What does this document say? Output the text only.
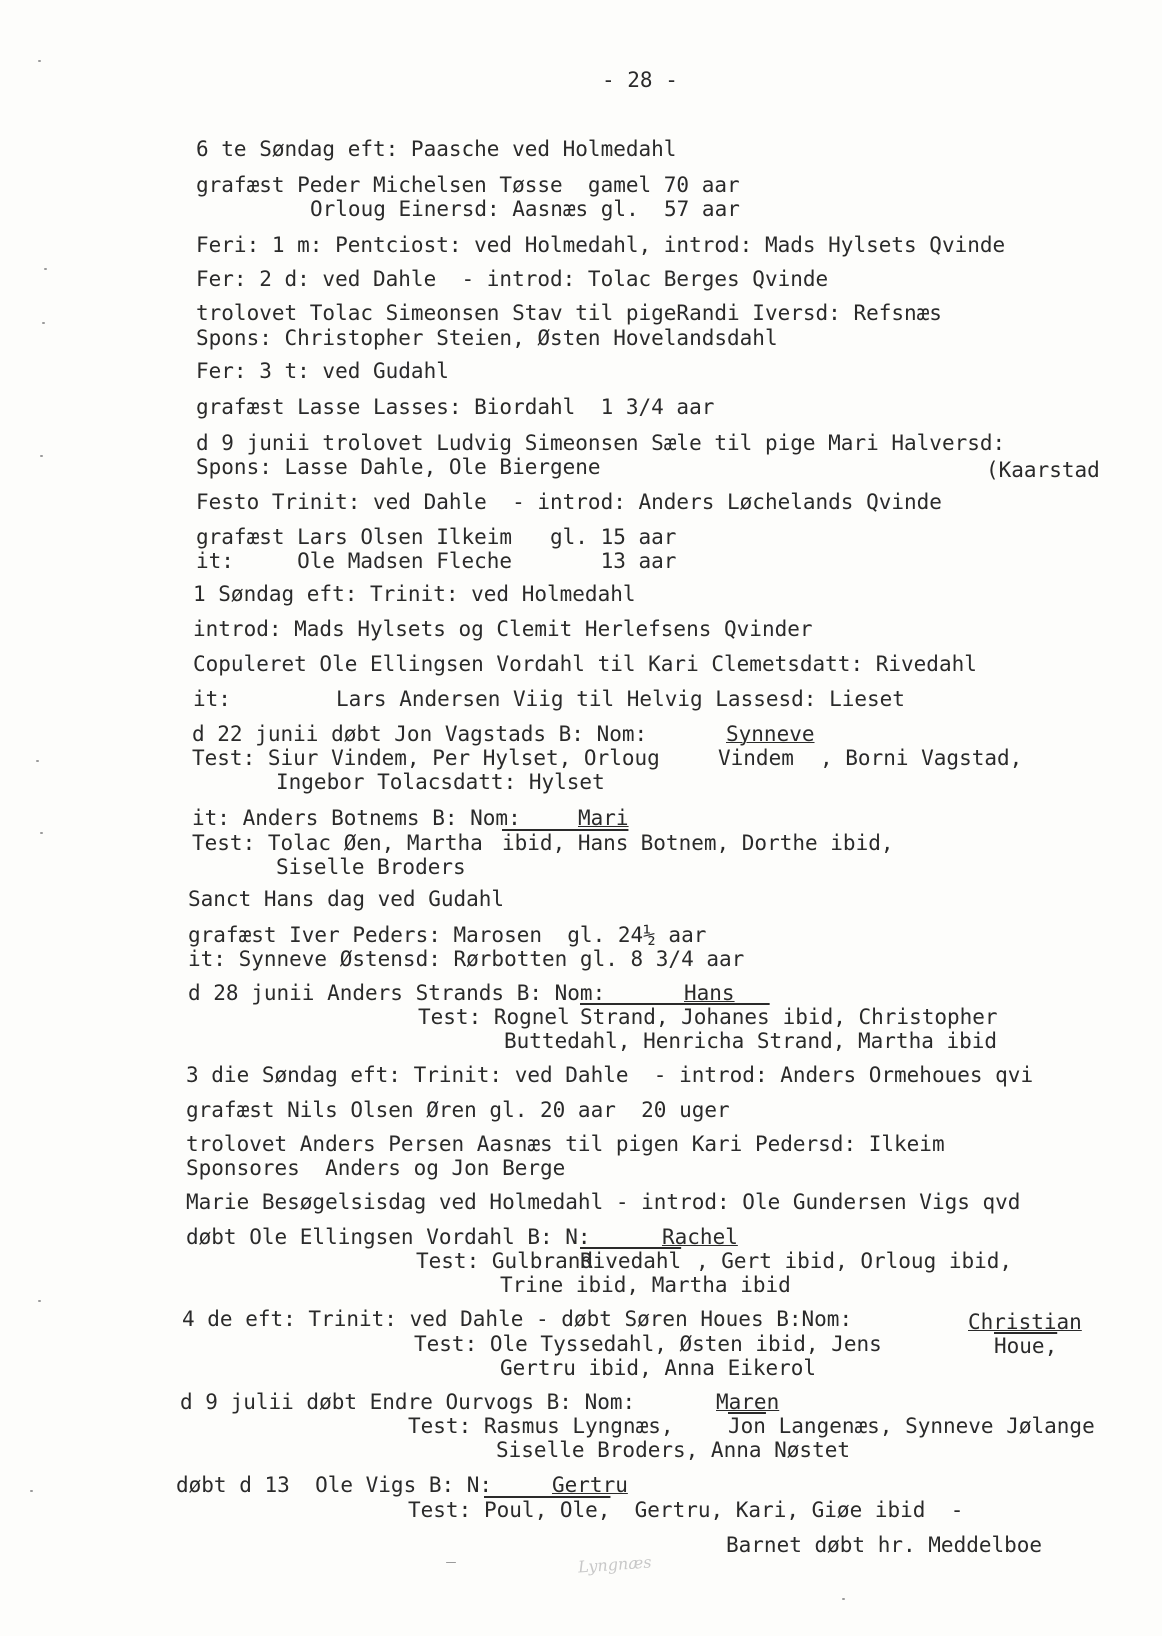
- 28 -
6 te Søndag eft: Paasche ved Holmedahl
grafæst Peder Michelsen Tøsse  gamel 70 aar
Orloug Einersd: Aasnæs gl.  57 aar
Feri: 1 m: Pentciost: ved Holmedahl, introd: Mads Hylsets Qvinde
Fer: 2 d: ved Dahle  - introd: Tolac Berges Qvinde
trolovet Tolac Simeonsen Stav til pigeRandi Iversd: Refsnæs
Spons: Christopher Steien, Østen Hovelandsdahl
Fer: 3 t: ved Gudahl
grafæst Lasse Lasses: Biordahl  1 3/4 aar
d 9 junii trolovet Ludvig Simeonsen Sæle til pige Mari Halversd:
Spons: Lasse Dahle, Ole Biergene	(Kaarstad
Festo Trinit: ved Dahle  - introd: Anders Løchelands Qvinde
grafæst Lars Olsen Ilkeim   gl. 15 aar
it:     Ole Madsen Fleche       13 aar
1 Søndag eft: Trinit: ved Holmedahl
introd: Mads Hylsets og Clemit Herlefsens Qvinder
Copuleret Ole Ellingsen Vordahl til Kari Clemetsdatt: Rivedahl
it:	Lars Andersen Viig til Helvig Lassesd: Lieset
d 22 junii døbt Jon Vagstads B: Nom:	Synneve
Test: Siur Vindem, Per Hylset, Orloug	Vindem , Borni Vagstad,
Ingebor Tolacsdatt: Hylset
it: Anders Botnems B: Nom:	Mari
Test: Tolac Øen, Martha ibid, Hans Botnem, Dorthe ibid,
Siselle Broders
Sanct Hans dag ved Gudahl
grafæst Iver Peders: Marosen  gl. 24½ aar
it: Synneve Østensd: Rørbotten gl. 8 3/4 aar
d 28 junii Anders Strands B: Nom:	Hans
Test: Rognel Strand, Johanes ibid, Christopher
Buttedahl, Henricha Strand, Martha ibid
3 die Søndag eft: Trinit: ved Dahle  - introd: Anders Ormehoues qvi
grafæst Nils Olsen Øren gl. 20 aar  20 uger
trolovet Anders Persen Aasnæs til pigen Kari Pedersd: Ilkeim
Sponsores  Anders og Jon Berge
Marie Besøgelsisdag ved Holmedahl - introd: Ole Gundersen Vigs qvd
døbt Ole Ellingsen Vordahl B: N:	Rachel
Test: Gulbrand
Rivedahl , Gert ibid, Orloug ibid,
Trine ibid, Martha ibid
4 de eft: Trinit: ved Dahle - døbt Søren Houes B:Nom:	Christian
Test: Ole Tyssedahl, Østen ibid, Jens	Houe,
Gertru ibid, Anna Eikerol
d 9 julii døbt Endre Ourvogs B: Nom:	Maren
Test: Rasmus Lyngnæs,	$\overline{Jon}$ Langenæs, Synneve Jølange
Siselle Broders, Anna Nøstet
døbt d 13  Ole Vigs B: N:	Gertru
Test: Poul, Ole, Gertru, Kari, Giøe ibid  -
Barnet døbt hr. Meddelboe
Lyngnæs
